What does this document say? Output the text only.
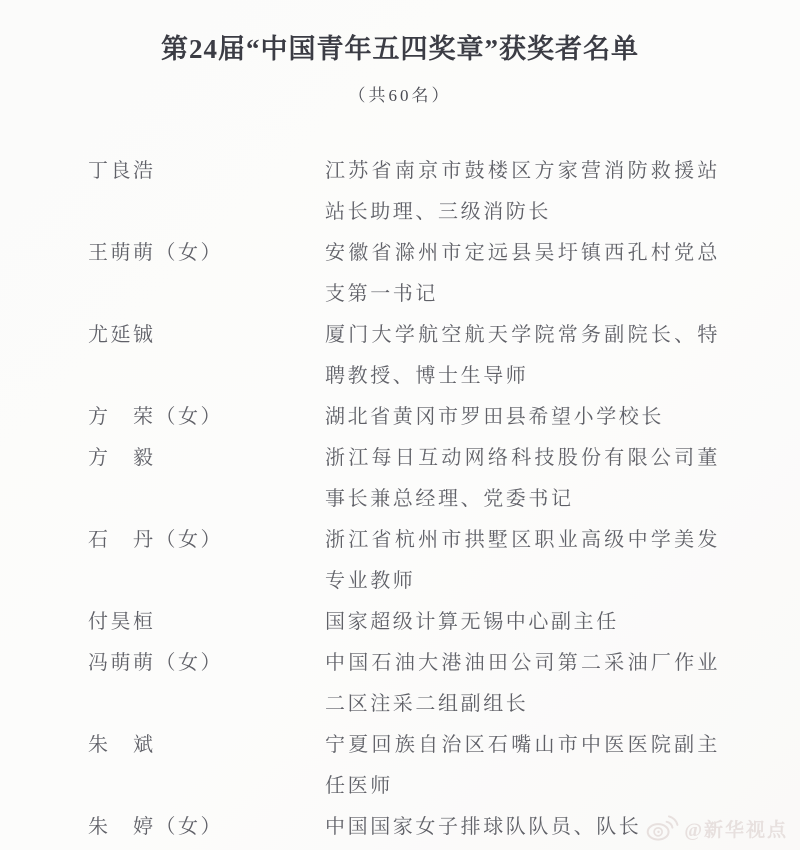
第24届“中国青年五四奖章”获奖者名单
（共60名）
丁良浩	江苏省南京市鼓楼区方家营消防救援站站长助理、三级消防长
王萌萌（女）	安徽省滁州市定远县吴圩镇西孔村党总支第一书记
尤延铖	厦门大学航空航天学院常务副院长、特聘教授、博士生导师
方　荣（女）	湖北省黄冈市罗田县希望小学校长
方　毅	浙江每日互动网络科技股份有限公司董事长兼总经理、党委书记
石　丹（女）	浙江省杭州市拱墅区职业高级中学美发专业教师
付昊桓	国家超级计算无锡中心副主任
冯萌萌（女）	中国石油大港油田公司第二采油厂作业二区注采二组副组长
朱　斌	宁夏回族自治区石嘴山市中医医院副主任医师
朱　婷（女）	中国国家女子排球队队员、队长	@新华视点
